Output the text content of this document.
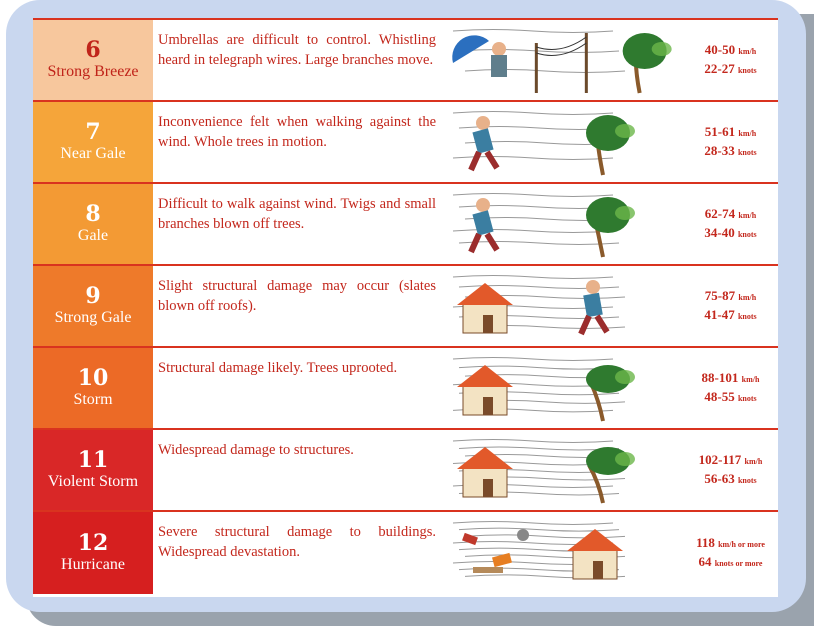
6
Strong Breeze
Umbrellas are difficult to control. Whistling heard in telegraph wires. Large branches move.
40-50 km/h
22-27 knots
7
Near Gale
Inconvenience felt when walking against the wind. Whole trees in motion.
51-61 km/h
28-33 knots
8
Gale
Difficult to walk against wind. Twigs and small branches blown off trees.
62-74 km/h
34-40 knots
9
Strong Gale
Slight structural damage may occur (slates blown off roofs).
75-87 km/h
41-47 knots
10
Storm
Structural damage likely. Trees uprooted.
88-101 km/h
48-55 knots
11
Violent Storm
Widespread damage to structures.
102-117 km/h
56-63 knots
12
Hurricane
Severe structural damage to buildings. Widespread devastation.
118 km/h or more
64 knots or more
